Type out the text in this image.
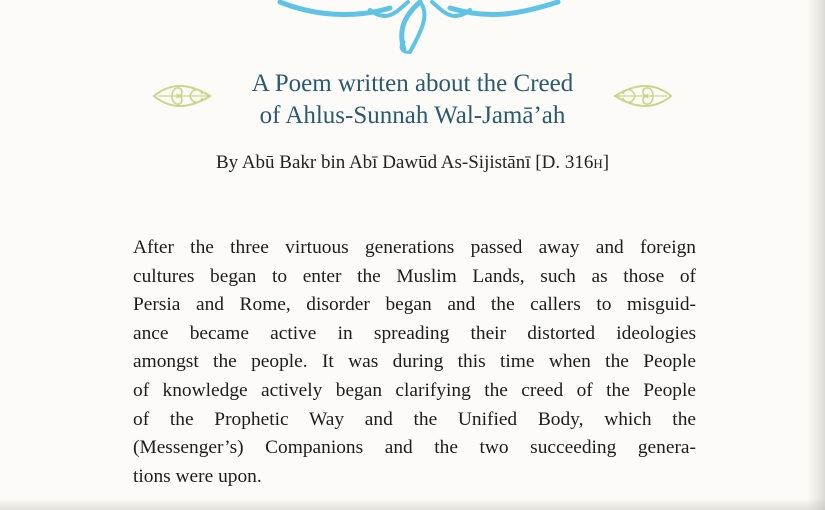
A Poem written about the Creed
of Ahlus-Sunnah Wal-Jamā’ah
By Abū Bakr bin Abī Dawūd As-Sijistānī [D. 316h]
After the three virtuous generations passed away and foreign
cultures began to enter the Muslim Lands, such as those of
Persia and Rome, disorder began and the callers to misguid-
ance became active in spreading their distorted ideologies
amongst the people. It was during this time when the People
of knowledge actively began clarifying the creed of the People
of the Prophetic Way and the Unified Body, which the
(Messenger’s) Companions and the two succeeding genera-
tions were upon.
